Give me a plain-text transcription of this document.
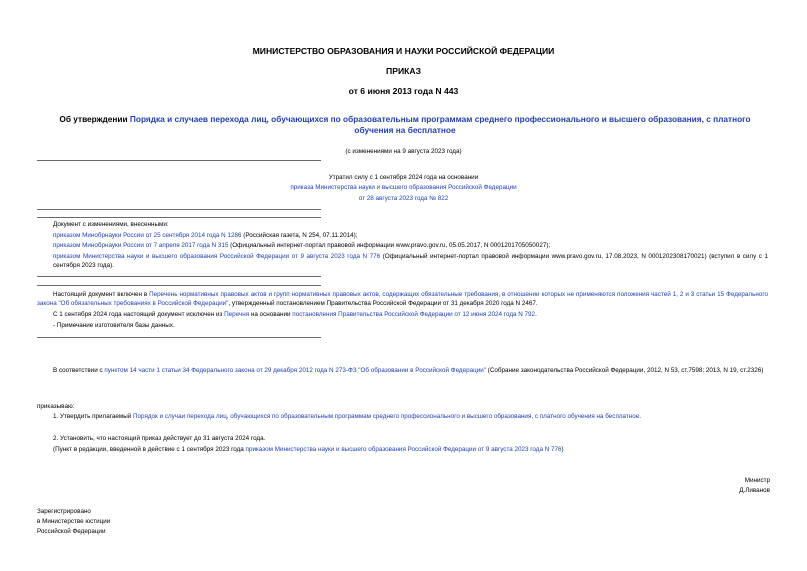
МИНИСТЕРСТВО ОБРАЗОВАНИЯ И НАУКИ РОССИЙСКОЙ ФЕДЕРАЦИИ
ПРИКАЗ
от 6 июня 2013 года N 443
Об утверждении Порядка и случаев перехода лиц, обучающихся по образовательным программам среднего профессионального и высшего образования, с платного обучения на бесплатное
(с изменениями на 9 августа 2023 года)
Утратил силу с 1 сентября 2024 года на основании
приказа Министерства науки и высшего образования Российской Федерации
от 28 августа 2023 года № 822
Документ с изменениями, внесенными:
приказом Минобрнауки России от 25 сентября 2014 года N 1286 (Российская газета, N 254, 07.11.2014);
приказом Минобрнауки России от 7 апреля 2017 года N 315 (Официальный интернет-портал правовой информации www.pravo.gov.ru, 05.05.2017, N 0001201705050027);
приказом Министерства науки и высшего образования Российской Федерации от 9 августа 2023 года N 776 (Официальный интернет-портал правовой информации www.pravo.gov.ru, 17.08.2023, N 0001202308170021) (вступил в силу с 1 сентября 2023 года).
Настоящий документ включен в Перечень нормативных правовых актов и групп нормативных правовых актов, содержащих обязательные требования, в отношении которых не применяются положения частей 1, 2 и 3 статьи 15 Федерального закона "Об обязательных требованиях в Российской Федерации", утвержденный постановлением Правительства Российской Федерации от 31 декабря 2020 года N 2467.
С 1 сентября 2024 года настоящий документ исключен из Перечня на основании постановления Правительства Российской Федерации от 12 июня 2024 года N 792.
- Примечание изготовителя базы данных.
В соответствии с пунктом 14 части 1 статьи 34 Федерального закона от 29 декабря 2012 года N 273-ФЗ "Об образовании в Российской Федерации" (Собрание законодательства Российской Федерации, 2012, N 53, ст.7598; 2013, N 19, ст.2326)
приказываю:
1. Утвердить прилагаемый Порядок и случаи перехода лиц, обучающихся по образовательным программам среднего профессионального и высшего образования, с платного обучения на бесплатное.
2. Установить, что настоящий приказ действует до 31 августа 2024 года.
(Пункт в редакции, введенной в действие с 1 сентября 2023 года приказом Министерства науки и высшего образования Российской Федерации от 9 августа 2023 года N 776)
Министр
Д.Ливанов
Зарегистрировано
в Министерстве юстиции
Российской Федерации
